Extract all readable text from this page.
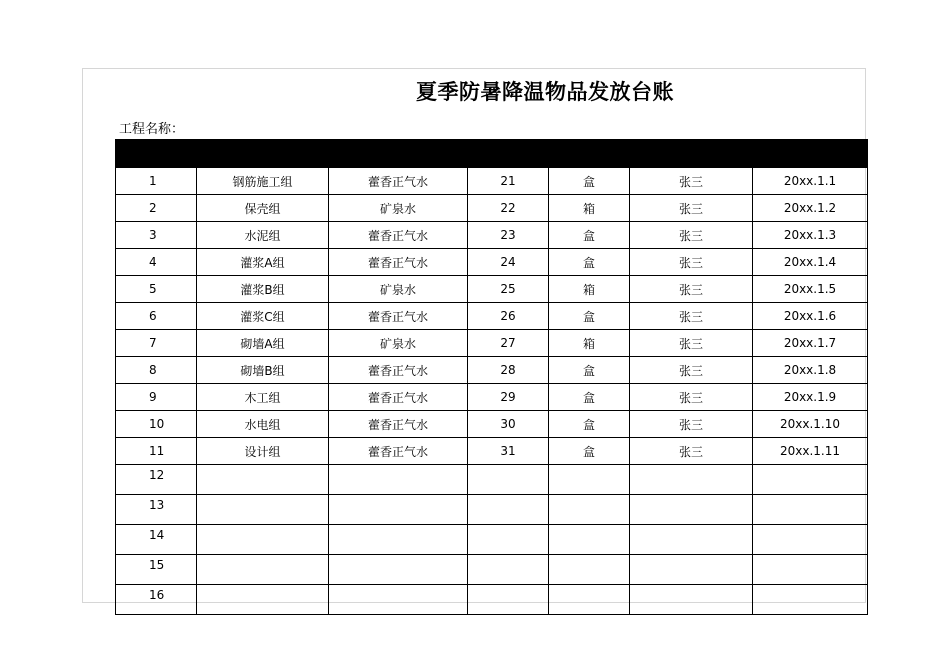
夏季防暑降温物品发放台账
工程名称：

1	钢筋施工组	藿香正气水	21	盒	张三	20xx.1.1
2	保壳组	矿泉水	22	箱	张三	20xx.1.2
3	水泥组	藿香正气水	23	盒	张三	20xx.1.3
4	灌浆A组	藿香正气水	24	盒	张三	20xx.1.4
5	灌浆B组	矿泉水	25	箱	张三	20xx.1.5
6	灌浆C组	藿香正气水	26	盒	张三	20xx.1.6
7	砌墙A组	矿泉水	27	箱	张三	20xx.1.7
8	砌墙B组	藿香正气水	28	盒	张三	20xx.1.8
9	木工组	藿香正气水	29	盒	张三	20xx.1.9
10	水电组	藿香正气水	30	盒	张三	20xx.1.10
11	设计组	藿香正气水	31	盒	张三	20xx.1.11
12						
13						
14						
15						
16						
